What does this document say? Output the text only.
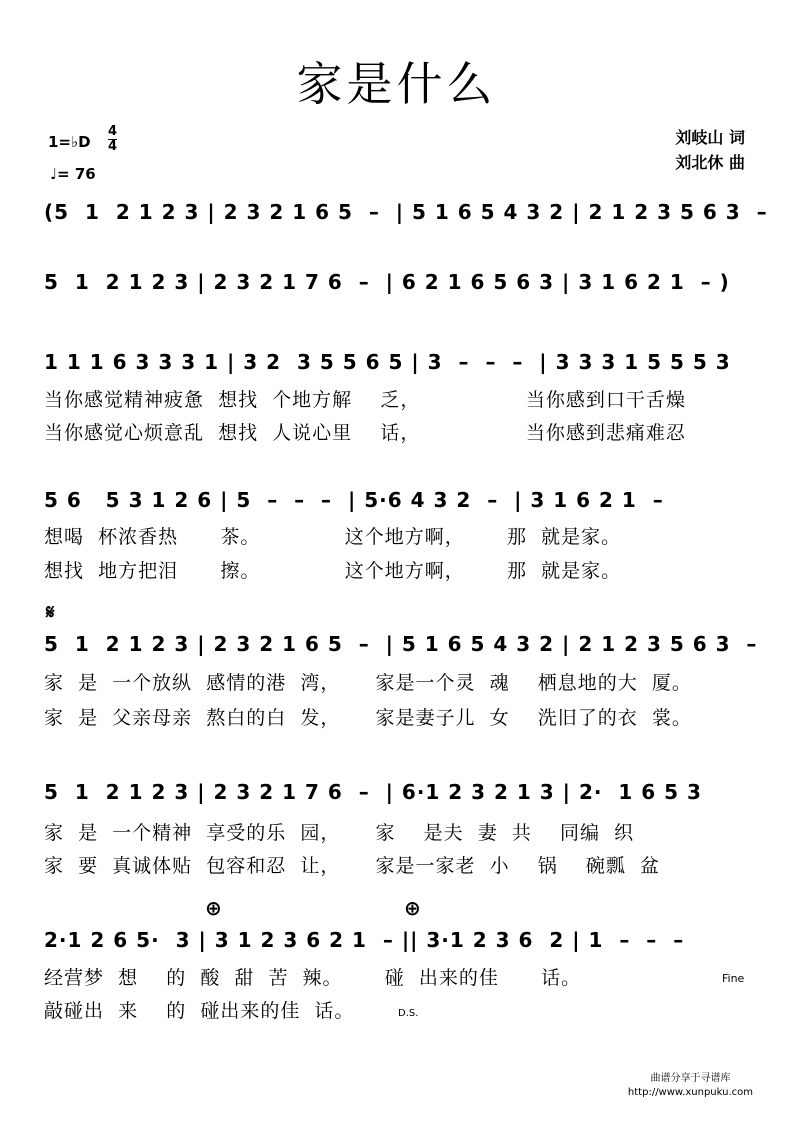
家是什么
1=♭D
4
4
♩= 76
刘岐山 词
刘北休 曲
(5  1  2 1 2 3 | 2 3 2 1 6 5  –  | 5 1 6 5 4 3 2 | 2 1 2 3 5 6 3  –
5  1  2 1 2 3 | 2 3 2 1 7 6  –  | 6 2 1 6 5 6 3 | 3 1 6 2 1  – )
1 1 1 6 3 3 3 1 | 3 2  3 5 5 6 5 | 3  –  –  –  | 3 3 3 1 5 5 5 3
当你感觉精神疲惫  想找  个地方解    乏，               当你感到口干舌燥
当你感觉心烦意乱  想找  人说心里    话，               当你感到悲痛难忍
5 6   5 3 1 2 6 | 5  –  –  –  | 5·6 4 3 2  –  | 3 1 6 2 1  –
想喝  杯浓香热      茶。            这个地方啊，      那  就是家。
想找  地方把泪      擦。            这个地方啊，      那  就是家。
𝄋
5  1  2 1 2 3 | 2 3 2 1 6 5  –  | 5 1 6 5 4 3 2 | 2 1 2 3 5 6 3  –
家  是  一个放纵  感情的港  湾，     家是一个灵  魂    栖息地的大  厦。
家  是  父亲母亲  熬白的白  发，     家是妻子儿  女    洗旧了的衣  裳。
5  1  2 1 2 3 | 2 3 2 1 7 6  –  | 6·1 2 3 2 1 3 | 2·  1 6 5 3
家  是  一个精神  享受的乐  园，     家    是夫  妻  共    同编  织
家  要  真诚体贴  包容和忍  让，     家是一家老  小    锅    碗瓢  盆
⊕	⊕
2·1 2 6 5·  3 | 3 1 2 3 6 2 1  – || 3·1 2 3 6  2 | 1  –  –  –
经营梦  想    的  酸  甜  苦  辣。      碰  出来的佳      话。
敲碰出  来    的  碰出来的佳  话。
Fine
D.S.
曲谱分享于寻谱库
http://www.xunpuku.com
